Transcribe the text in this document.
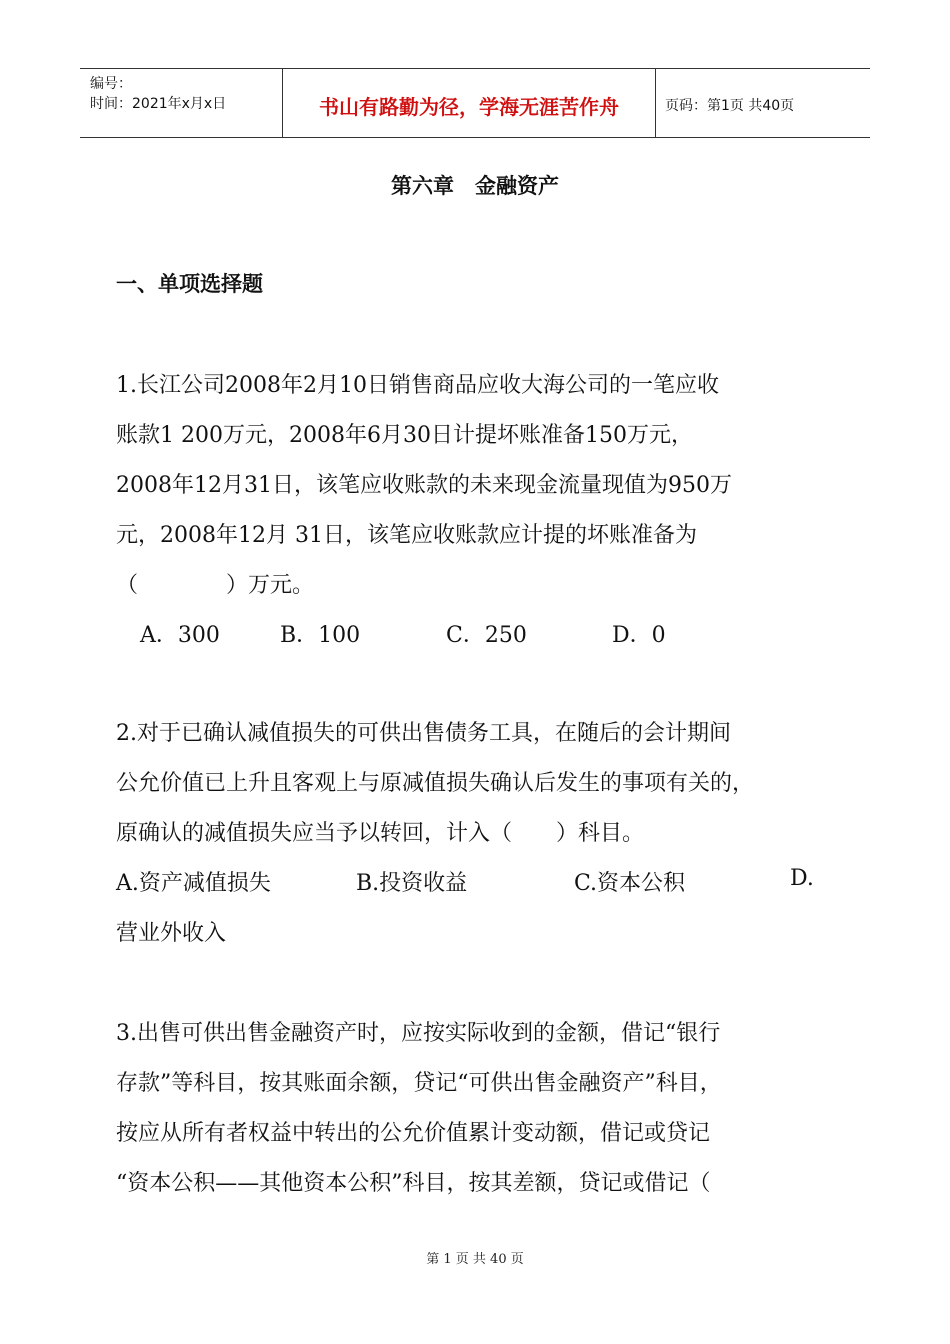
编号：
时间：2021年x月x日	书山有路勤为径，学海无涯苦作舟	页码：第1页 共40页
第六章　金融资产
一、单项选择题
1.长江公司2008年2月10日销售商品应收大海公司的一笔应收
账款1 200万元，2008年6月30日计提坏账准备150万元，
2008年12月31日，该笔应收账款的未来现金流量现值为950万
元，2008年12月 31日，该笔应收账款应计提的坏账准备为
（　　　　）万元。
A．300	B．100	C．250	D．0
2.对于已确认减值损失的可供出售债务工具，在随后的会计期间
公允价值已上升且客观上与原减值损失确认后发生的事项有关的，
原确认的减值损失应当予以转回，计入（　　）科目。
A.资产减值损失	B.投资收益	C.资本公积	D.
营业外收入
3.出售可供出售金融资产时，应按实际收到的金额，借记“银行
存款”等科目，按其账面余额，贷记“可供出售金融资产”科目，
按应从所有者权益中转出的公允价值累计变动额，借记或贷记
“资本公积——其他资本公积”科目，按其差额，贷记或借记（
第 1 页 共 40 页
